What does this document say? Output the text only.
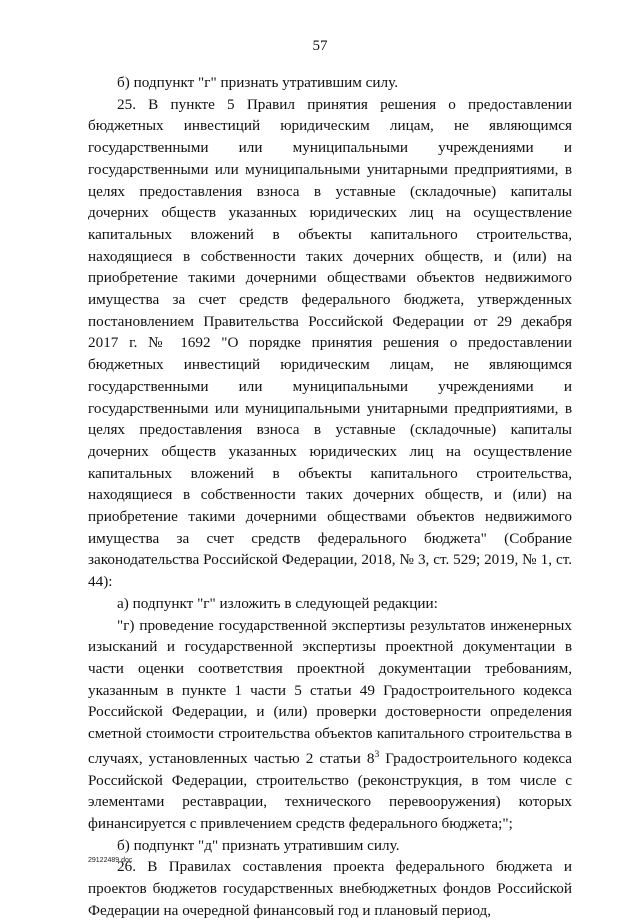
57

б) подпункт "г" признать утратившим силу.

25. В пункте 5 Правил принятия решения о предоставлении бюджетных инвестиций юридическим лицам, не являющимся государственными или муниципальными учреждениями и государственными или муниципальными унитарными предприятиями, в целях предоставления взноса в уставные (складочные) капиталы дочерних обществ указанных юридических лиц на осуществление капитальных вложений в объекты капитального строительства, находящиеся в собственности таких дочерних обществ, и (или) на приобретение такими дочерними обществами объектов недвижимого имущества за счет средств федерального бюджета, утвержденных постановлением Правительства Российской Федерации от 29 декабря 2017 г. № 1692 "О порядке принятия решения о предоставлении бюджетных инвестиций юридическим лицам, не являющимся государственными или муниципальными учреждениями и государственными или муниципальными унитарными предприятиями, в целях предоставления взноса в уставные (складочные) капиталы дочерних обществ указанных юридических лиц на осуществление капитальных вложений в объекты капитального строительства, находящиеся в собственности таких дочерних обществ, и (или) на приобретение такими дочерними обществами объектов недвижимого имущества за счет средств федерального бюджета" (Собрание законодательства Российской Федерации, 2018, № 3, ст. 529; 2019, № 1, ст. 44):

а) подпункт "г" изложить в следующей редакции:

"г) проведение государственной экспертизы результатов инженерных изысканий и государственной экспертизы проектной документации в части оценки соответствия проектной документации требованиям, указанным в пункте 1 части 5 статьи 49 Градостроительного кодекса Российской Федерации, и (или) проверки достоверности определения сметной стоимости строительства объектов капитального строительства в случаях, установленных частью 2 статьи $8^3$ Градостроительного кодекса Российской Федерации, строительство (реконструкция, в том числе с элементами реставрации, технического перевооружения) которых финансируется с привлечением средств федерального бюджета;";

б) подпункт "д" признать утратившим силу.

26. В Правилах составления проекта федерального бюджета и проектов бюджетов государственных внебюджетных фондов Российской Федерации на очередной финансовый год и плановый период,

29122489.doc
